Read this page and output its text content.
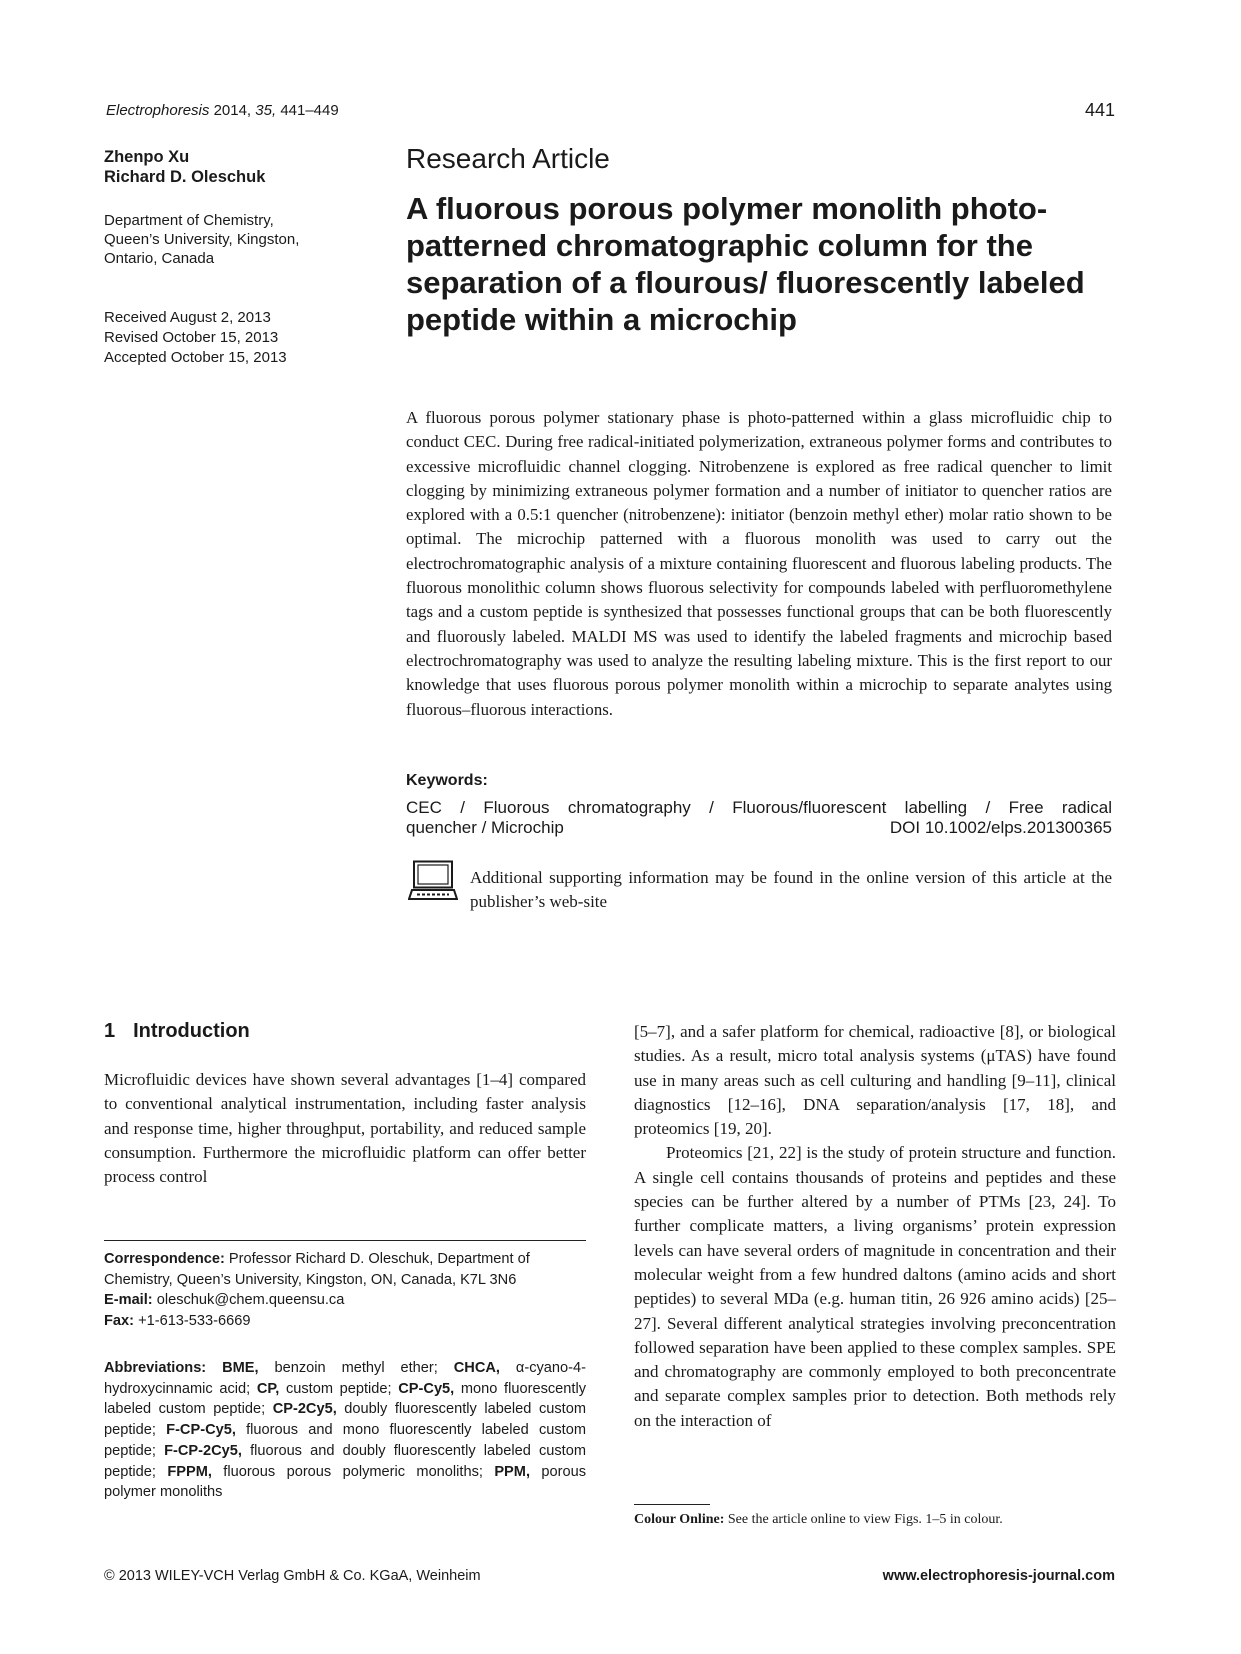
Electrophoresis 2014, 35, 441–449	441
Zhenpo Xu
Richard D. Oleschuk
Department of Chemistry,
Queen’s University, Kingston,
Ontario, Canada
Received August 2, 2013
Revised October 15, 2013
Accepted October 15, 2013
Research Article
A fluorous porous polymer monolith photo-patterned chromatographic column for the separation of a flourous/ fluorescently labeled peptide within a microchip

A fluorous porous polymer stationary phase is photo-patterned within a glass microfluidic chip to conduct CEC. During free radical-initiated polymerization, extraneous polymer forms and contributes to excessive microfluidic channel clogging. Nitrobenzene is explored as free radical quencher to limit clogging by minimizing extraneous polymer formation and a number of initiator to quencher ratios are explored with a 0.5:1 quencher (nitrobenzene): initiator (benzoin methyl ether) molar ratio shown to be optimal. The microchip patterned with a fluorous monolith was used to carry out the electrochromatographic analysis of a mixture containing fluorescent and fluorous labeling products. The fluorous monolithic column shows fluorous selectivity for compounds labeled with perfluoromethylene tags and a custom peptide is synthesized that possesses functional groups that can be both fluorescently and fluorously labeled. MALDI MS was used to identify the labeled fragments and microchip based electrochromatography was used to analyze the resulting labeling mixture. This is the first report to our knowledge that uses fluorous porous polymer monolith within a microchip to separate analytes using fluorous–fluorous interactions.

Keywords:
CEC / Fluorous chromatography / Fluorous/fluorescent labelling / Free radical
quencher / Microchip	DOI 10.1002/elps.201300365

Additional supporting information may be found in the online version of this article at the publisher’s web-site

1 Introduction

Microfluidic devices have shown several advantages [1–4] compared to conventional analytical instrumentation, including faster analysis and response time, higher throughput, portability, and reduced sample consumption. Furthermore the microfluidic platform can offer better process control

[5–7], and a safer platform for chemical, radioactive [8], or biological studies. As a result, micro total analysis systems (μTAS) have found use in many areas such as cell culturing and handling [9–11], clinical diagnostics [12–16], DNA separation/analysis [17, 18], and proteomics [19, 20].

Proteomics [21, 22] is the study of protein structure and function. A single cell contains thousands of proteins and peptides and these species can be further altered by a number of PTMs [23, 24]. To further complicate matters, a living organisms’ protein expression levels can have several orders of magnitude in concentration and their molecular weight from a few hundred daltons (amino acids and short peptides) to several MDa (e.g. human titin, 26 926 amino acids) [25–27]. Several different analytical strategies involving preconcentration followed separation have been applied to these complex samples. SPE and chromatography are commonly employed to both preconcentrate and separate complex samples prior to detection. Both methods rely on the interaction of

Correspondence: Professor Richard D. Oleschuk, Department of Chemistry, Queen’s University, Kingston, ON, Canada, K7L 3N6
E-mail: oleschuk@chem.queensu.ca
Fax: +1-613-533-6669

Abbreviations: BME, benzoin methyl ether; CHCA, α-cyano-4-hydroxycinnamic acid; CP, custom peptide; CP-Cy5, mono fluorescently labeled custom peptide; CP-2Cy5, doubly fluorescently labeled custom peptide; F-CP-Cy5, fluorous and mono fluorescently labeled custom peptide; F-CP-2Cy5, fluorous and doubly fluorescently labeled custom peptide; FPPM, fluorous porous polymeric monoliths; PPM, porous polymer monoliths

Colour Online: See the article online to view Figs. 1–5 in colour.
© 2013 WILEY-VCH Verlag GmbH & Co. KGaA, Weinheim	www.electrophoresis-journal.com
